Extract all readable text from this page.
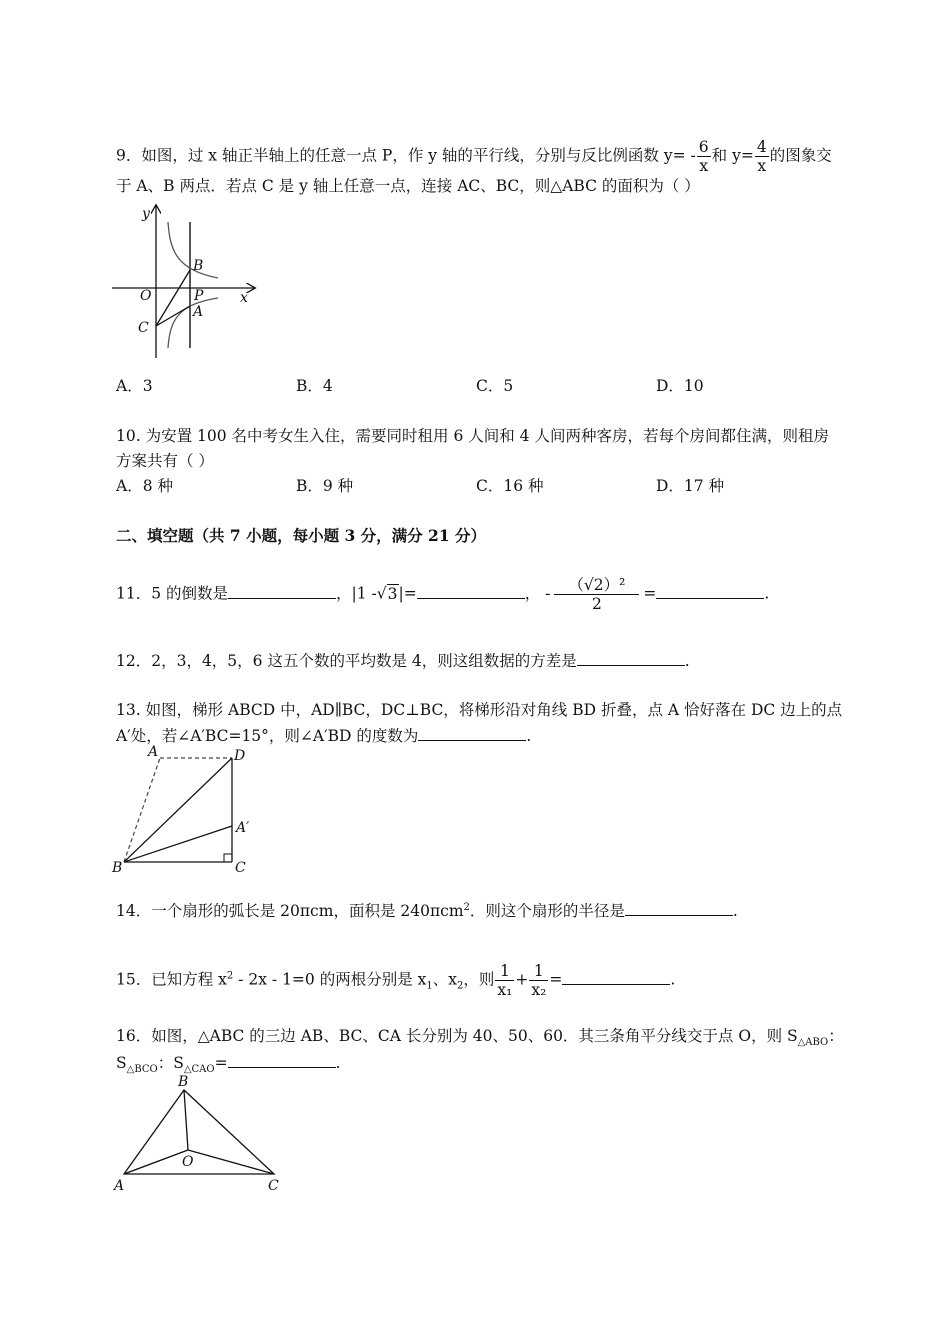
9．如图，过 x 轴正半轴上的任意一点 P，作 y 轴的平行线，分别与反比例函数 $y= - \frac{6}{x}$ 和 $y= \frac{4}{x}$ 的图象交
于 A、B 两点．若点 C 是 y 轴上任意一点，连接 AC、BC，则△ABC 的面积为（ ）
y
O	x
P
B
A
C
A．3	B．4	C．5	D．10
10. 为安置 100 名中考女生入住，需要同时租用 6 人间和 4 人间两种客房，若每个房间都住满，则租房
方案共有（ ）
A．8 种	B．9 种	C．16 种	D．17 种
二、填空题（共 7 小题，每小题 3 分，满分 21 分）
11．5 的倒数是	，|1 -√3|=	， - $\frac{\text{（√2）²}}{2}$ =	.
12．2，3，4，5，6 这五个数的平均数是 4，则这组数据的方差是	.
13. 如图，梯形 ABCD 中，AD∥BC，DC⊥BC，将梯形沿对角线 BD 折叠，点 A 恰好落在 DC 边上的点
A′处，若∠A′BC=15°，则∠A′BD 的度数为	.
A	D
A′
B	C
14．一个扇形的弧长是 20πcm，面积是 240πcm$^2$．则这个扇形的半径是	.
15．已知方程 $x^2 - 2x - 1=0$ 的两根分别是 $x_1$、$x_2$，则 $\frac{1}{\text{x₁}} + \frac{1}{\text{x₂}}$ =	.
16．如图，△ABC 的三边 AB、BC、CA 长分别为 40、50、60．其三条角平分线交于点 O，则 $S_{\triangle ABO}$：
$S_{\triangle BCO}$：$S_{\triangle CAO}=$	.
B
O
A	C
